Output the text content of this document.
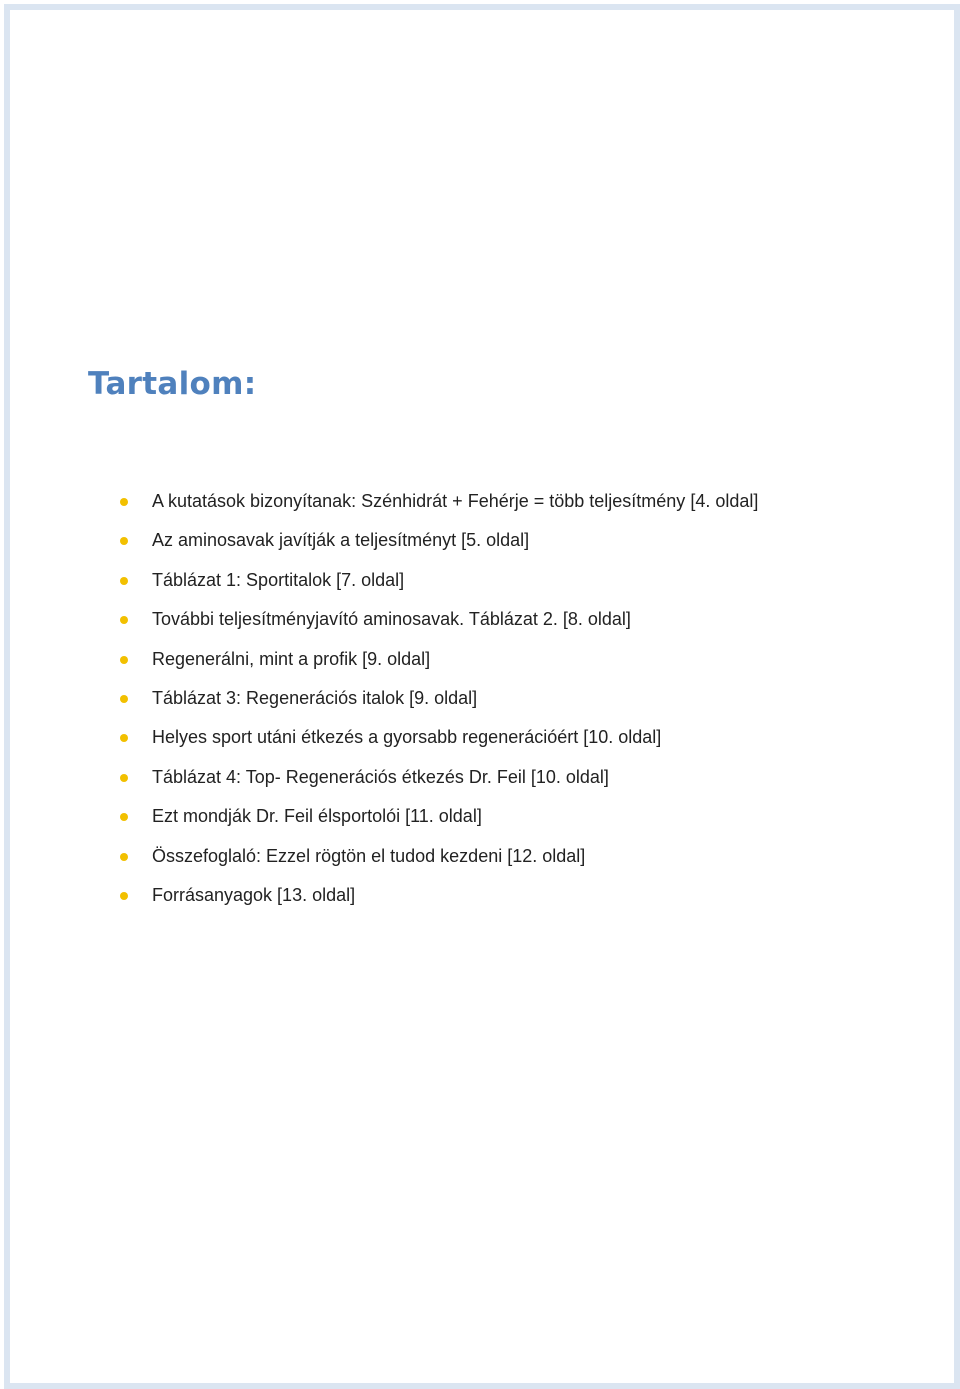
Tartalom:
A kutatások bizonyítanak: Szénhidrát + Fehérje = több teljesítmény [4. oldal]
Az aminosavak javítják a teljesítményt [5. oldal]
Táblázat 1: Sportitalok [7. oldal]
További teljesítményjavító aminosavak. Táblázat 2. [8. oldal]
Regenerálni, mint a profik [9. oldal]
Táblázat 3: Regenerációs italok [9. oldal]
Helyes sport utáni étkezés a gyorsabb regenerációért [10. oldal]
Táblázat 4: Top- Regenerációs étkezés Dr. Feil [10. oldal]
Ezt mondják Dr. Feil élsportolói [11. oldal]
Összefoglaló: Ezzel rögtön el tudod kezdeni [12. oldal]
Forrásanyagok [13. oldal]
